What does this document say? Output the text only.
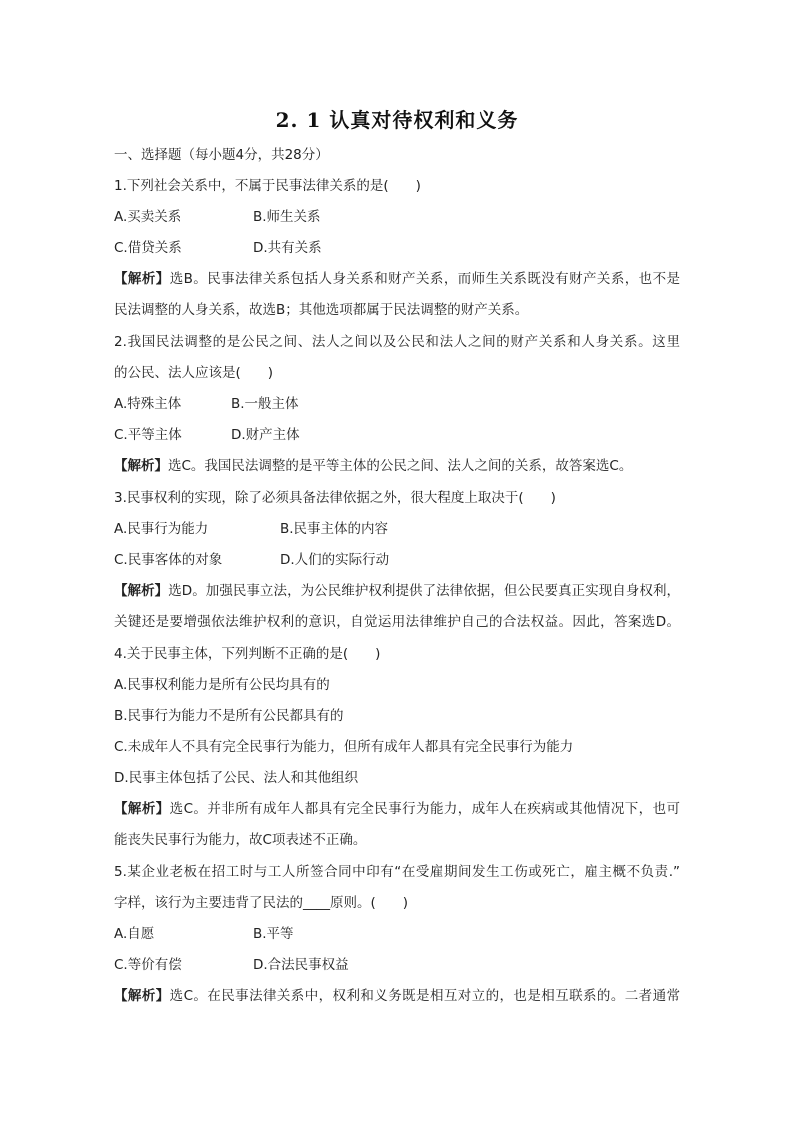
2. 1 认真对待权利和义务
一、选择题（每小题4分，共28分）
1.下列社会关系中，不属于民事法律关系的是(　　)
A.买卖关系	B.师生关系
C.借贷关系	D.共有关系
【解析】选B。民事法律关系包括人身关系和财产关系，而师生关系既没有财产关系，也不是
民法调整的人身关系，故选B；其他选项都属于民法调整的财产关系。
2.我国民法调整的是公民之间、法人之间以及公民和法人之间的财产关系和人身关系。这里
的公民、法人应该是(　　)
A.特殊主体	B.一般主体
C.平等主体	D.财产主体
【解析】选C。我国民法调整的是平等主体的公民之间、法人之间的关系，故答案选C。
3.民事权利的实现，除了必须具备法律依据之外，很大程度上取决于(　　)
A.民事行为能力	B.民事主体的内容
C.民事客体的对象	D.人们的实际行动
【解析】选D。加强民事立法，为公民维护权利提供了法律依据，但公民要真正实现自身权利，
关键还是要增强依法维护权利的意识，自觉运用法律维护自己的合法权益。因此，答案选D。
4.关于民事主体，下列判断不正确的是(　　)
A.民事权利能力是所有公民均具有的
B.民事行为能力不是所有公民都具有的
C.未成年人不具有完全民事行为能力，但所有成年人都具有完全民事行为能力
D.民事主体包括了公民、法人和其他组织
【解析】选C。并非所有成年人都具有完全民事行为能力，成年人在疾病或其他情况下，也可
能丧失民事行为能力，故C项表述不正确。
5.某企业老板在招工时与工人所签合同中印有“在受雇期间发生工伤或死亡，雇主概不负责.”
字样，该行为主要违背了民法的____原则。(　　)
A.自愿	B.平等
C.等价有偿	D.合法民事权益
【解析】选C。在民事法律关系中，权利和义务既是相互对立的，也是相互联系的。二者通常
